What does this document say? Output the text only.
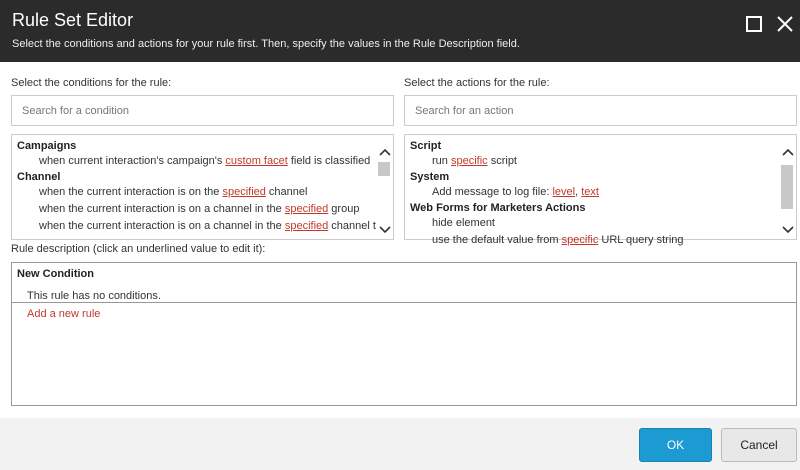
Rule Set Editor
Select the conditions and actions for your rule first. Then, specify the values in the Rule Description field.
Select the conditions for the rule:
Search for a condition
Campaigns
when current interaction's campaign's custom facet field is classified
Channel
when the current interaction is on the specified channel
when the current interaction is on a channel in the specified group
when the current interaction is on a channel in the specified channel t
Select the actions for the rule:
Search for an action
Script
run specific script
System
Add message to log file: level, text
Web Forms for Marketers Actions
hide element
use the default value from specific URL query string
Rule description (click an underlined value to edit it):
New Condition
This rule has no conditions.
Add a new rule
OK	Cancel
